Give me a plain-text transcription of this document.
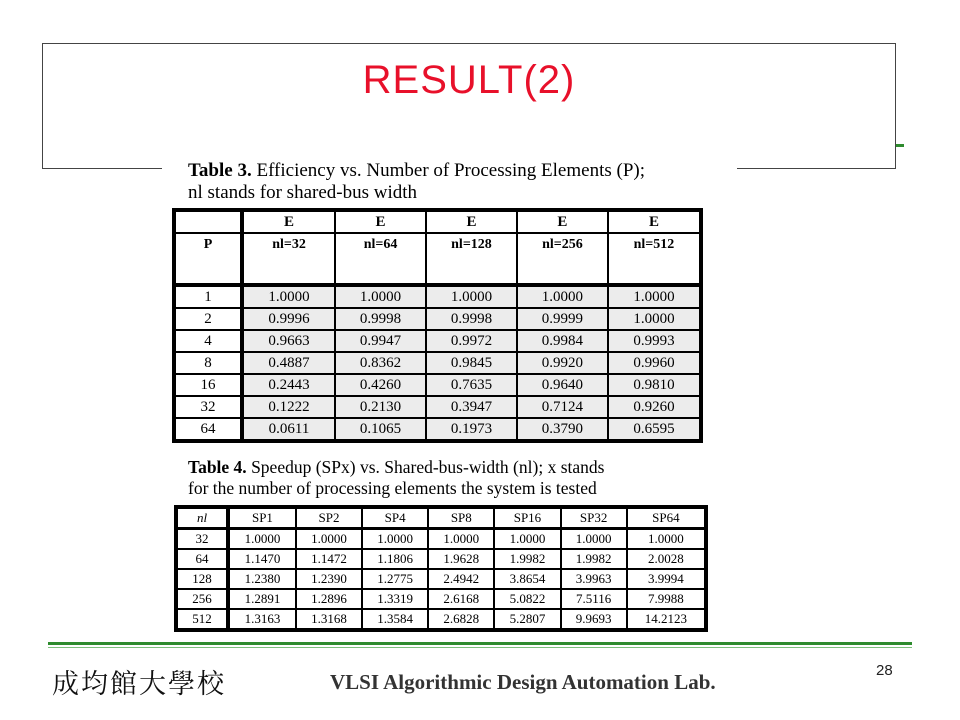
RESULT(2)
Table 3. Efficiency vs. Number of Processing Elements (P);
nl stands for shared-bus width
	E	E	E	E	E
P	nl=32	nl=64	nl=128	nl=256	nl=512
1	1.0000	1.0000	1.0000	1.0000	1.0000
2	0.9996	0.9998	0.9998	0.9999	1.0000
4	0.9663	0.9947	0.9972	0.9984	0.9993
8	0.4887	0.8362	0.9845	0.9920	0.9960
16	0.2443	0.4260	0.7635	0.9640	0.9810
32	0.1222	0.2130	0.3947	0.7124	0.9260
64	0.0611	0.1065	0.1973	0.3790	0.6595
Table 4. Speedup (SPx) vs. Shared-bus-width (nl); x stands
for the number of processing elements the system is tested
nl	SP1	SP2	SP4	SP8	SP16	SP32	SP64
32	1.0000	1.0000	1.0000	1.0000	1.0000	1.0000	1.0000
64	1.1470	1.1472	1.1806	1.9628	1.9982	1.9982	2.0028
128	1.2380	1.2390	1.2775	2.4942	3.8654	3.9963	3.9994
256	1.2891	1.2896	1.3319	2.6168	5.0822	7.5116	7.9988
512	1.3163	1.3168	1.3584	2.6828	5.2807	9.9693	14.2123
成均館大學校	VLSI Algorithmic Design Automation Lab.	28
